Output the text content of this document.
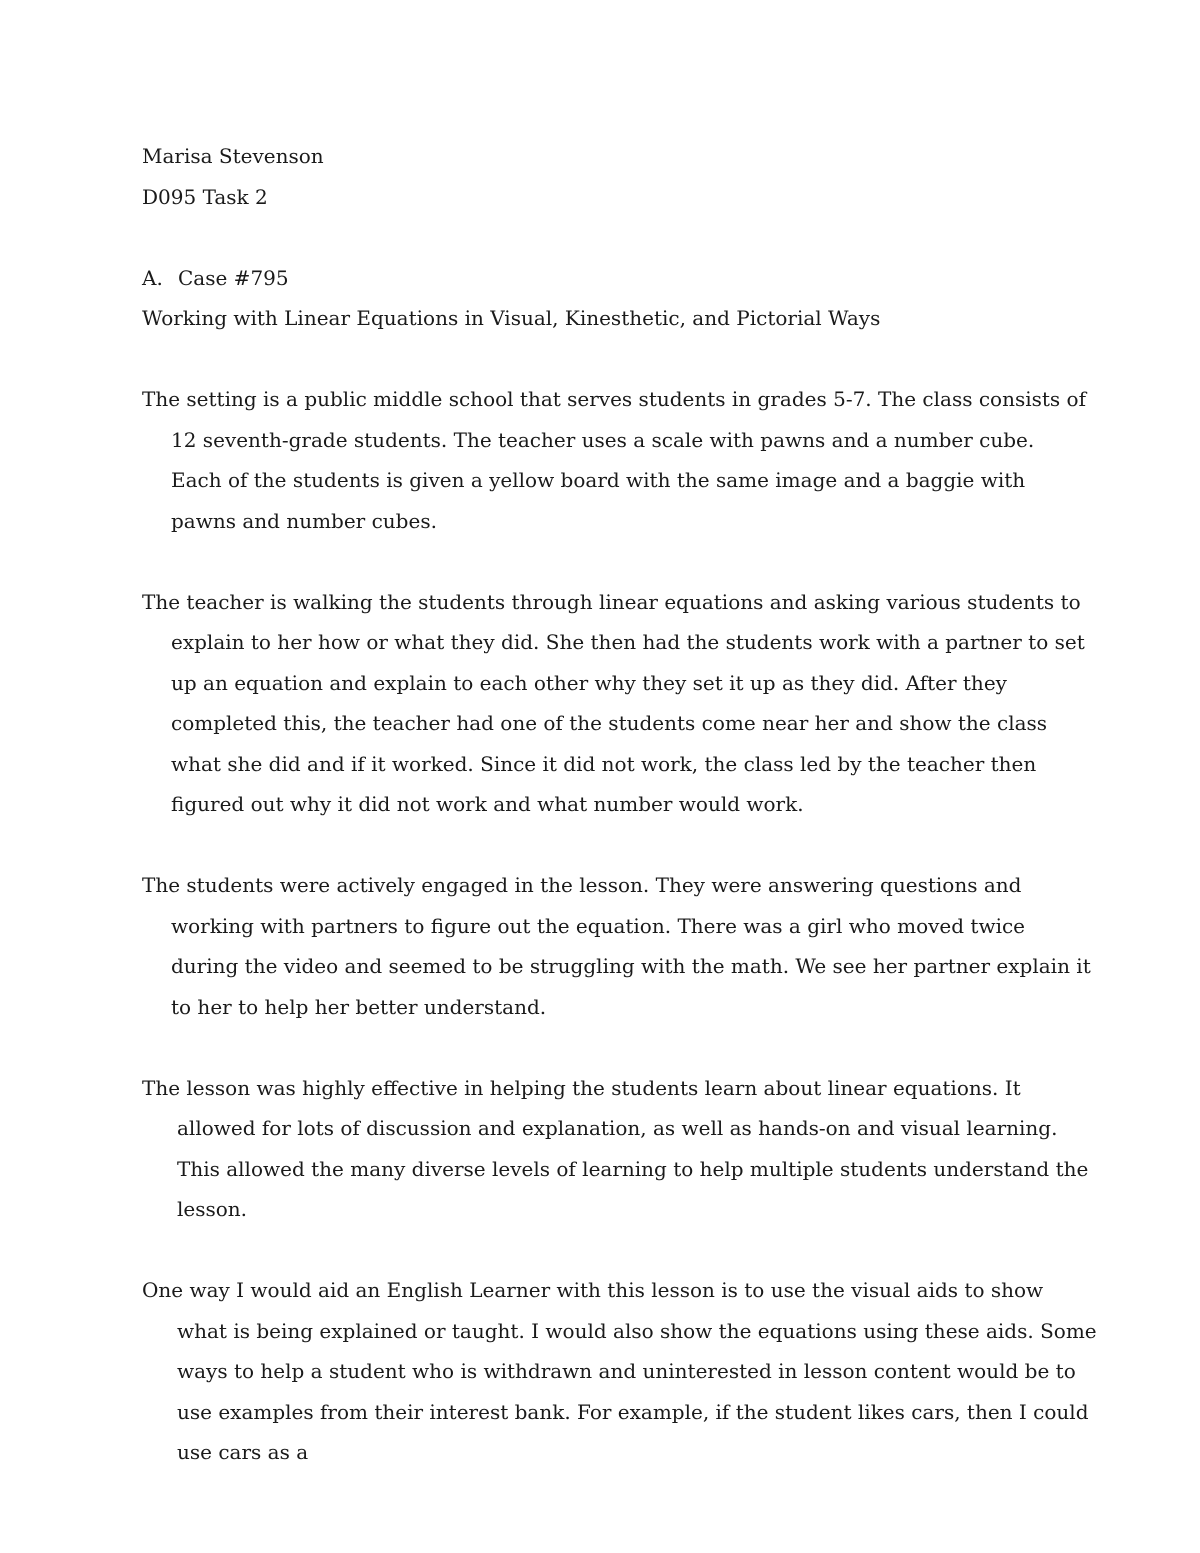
Marisa Stevenson

D095 Task 2

A. Case #795

Working with Linear Equations in Visual, Kinesthetic, and Pictorial Ways

The setting is a public middle school that serves students in grades 5-7. The class consists of 12 seventh-grade students. The teacher uses a scale with pawns and a number cube. Each of the students is given a yellow board with the same image and a baggie with pawns and number cubes.

The teacher is walking the students through linear equations and asking various students to explain to her how or what they did. She then had the students work with a partner to set up an equation and explain to each other why they set it up as they did. After they completed this, the teacher had one of the students come near her and show the class what she did and if it worked. Since it did not work, the class led by the teacher then figured out why it did not work and what number would work.

The students were actively engaged in the lesson. They were answering questions and working with partners to figure out the equation. There was a girl who moved twice during the video and seemed to be struggling with the math. We see her partner explain it to her to help her better understand.

The lesson was highly effective in helping the students learn about linear equations. It allowed for lots of discussion and explanation, as well as hands-on and visual learning. This allowed the many diverse levels of learning to help multiple students understand the lesson.

One way I would aid an English Learner with this lesson is to use the visual aids to show what is being explained or taught. I would also show the equations using these aids. Some ways to help a student who is withdrawn and uninterested in lesson content would be to use examples from their interest bank. For example, if the student likes cars, then I could use cars as a
